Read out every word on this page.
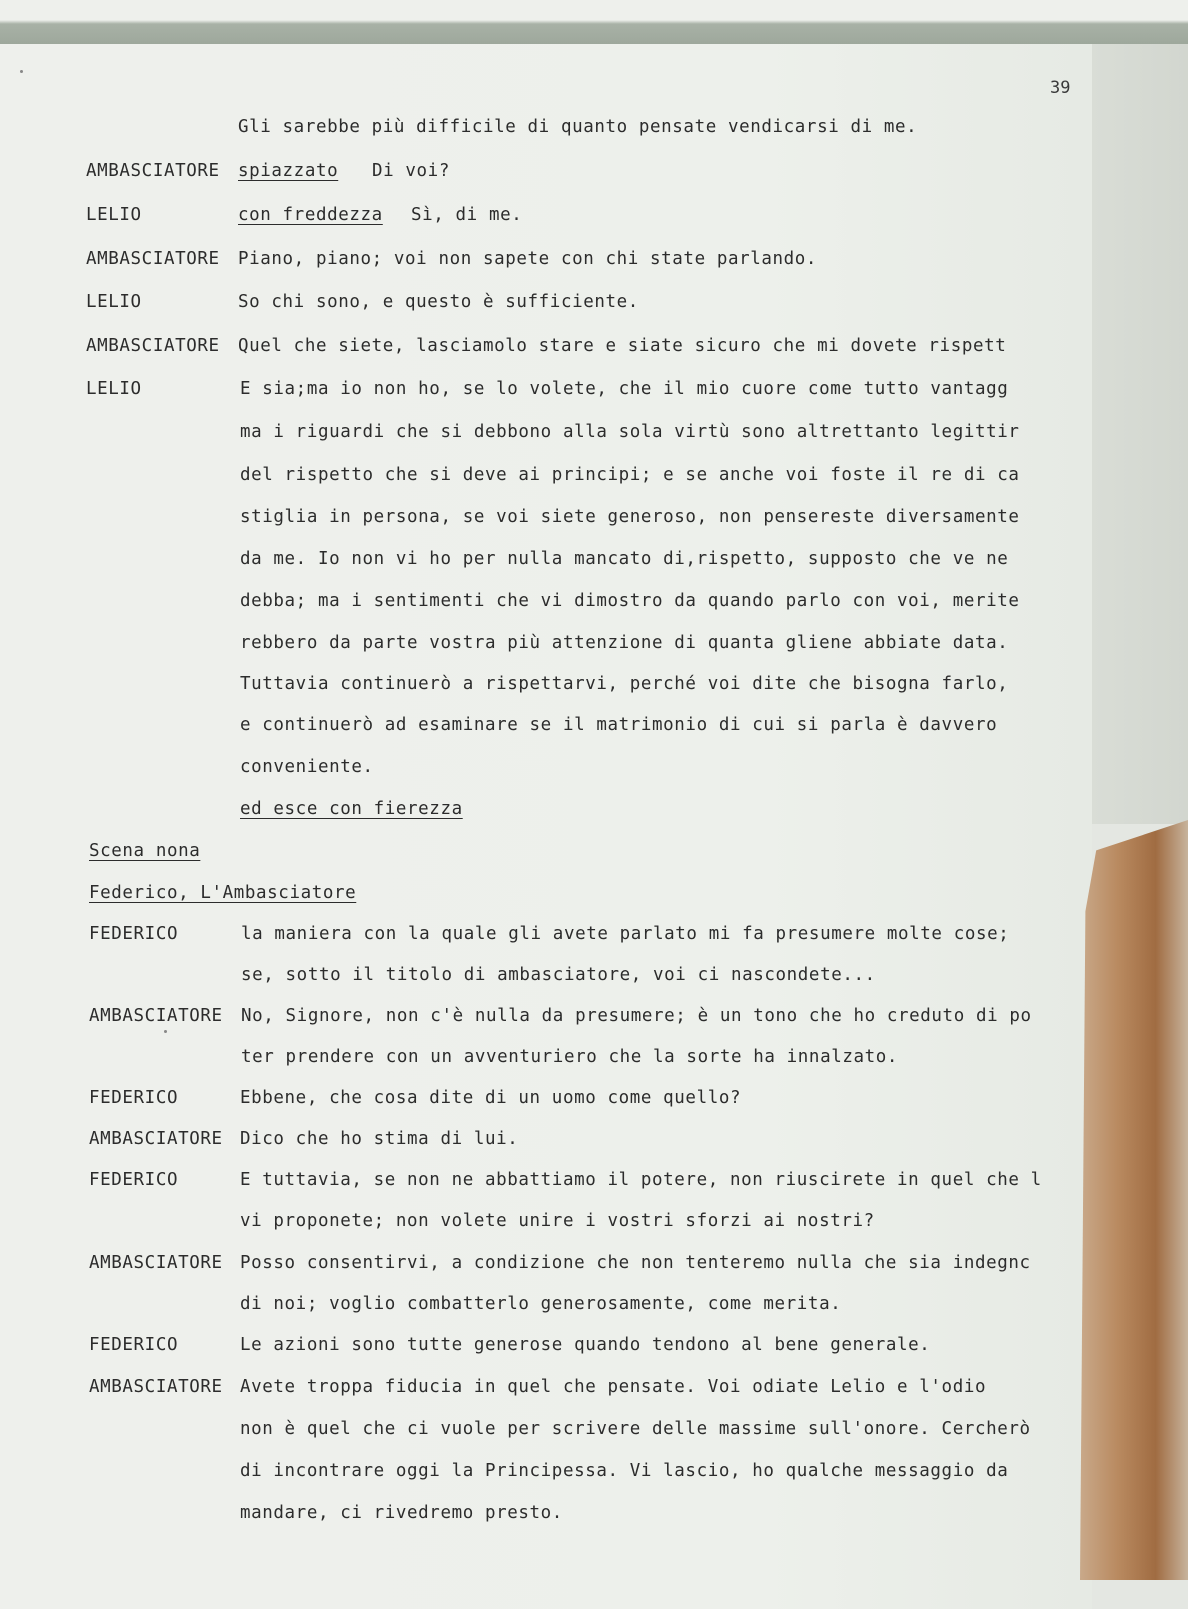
39
Gli sarebbe più difficile di quanto pensate vendicarsi di me.
AMBASCIATORE spiazzato Di voi?
LELIO	con freddezza Sì, di me.
AMBASCIATORE Piano, piano; voi non sapete con chi state parlando.
LELIO	So chi sono, e questo è sufficiente.
AMBASCIATORE Quel che siete, lasciamolo stare e siate sicuro che mi dovete rispett
LELIO	E sia;ma io non ho, se lo volete, che il mio cuore come tutto vantagg
ma i riguardi che si debbono alla sola virtù sono altrettanto legittir
del rispetto che si deve ai principi; e se anche voi foste il re di ca
stiglia in persona, se voi siete generoso, non pensereste diversamente
da me. Io non vi ho per nulla mancato di,rispetto, supposto che ve ne
debba; ma i sentimenti che vi dimostro da quando parlo con voi, merite
rebbero da parte vostra più attenzione di quanta gliene abbiate data.
Tuttavia continuerò a rispettarvi, perché voi dite che bisogna farlo,
e continuerò ad esaminare se il matrimonio di cui si parla è davvero
conveniente.
ed esce con fierezza
Scena nona
Federico, L'Ambasciatore
FEDERICO	la maniera con la quale gli avete parlato mi fa presumere molte cose;
se, sotto il titolo di ambasciatore, voi ci nascondete...
AMBASCIATORE No, Signore, non c'è nulla da presumere; è un tono che ho creduto di po
ter prendere con un avventuriero che la sorte ha innalzato.
FEDERICO	Ebbene, che cosa dite di un uomo come quello?
AMBASCIATORE Dico che ho stima di lui.
FEDERICO	E tuttavia, se non ne abbattiamo il potere, non riuscirete in quel che l
vi proponete; non volete unire i vostri sforzi ai nostri?
AMBASCIATORE Posso consentirvi, a condizione che non tenteremo nulla che sia indegnc
di noi; voglio combatterlo generosamente, come merita.
FEDERICO	Le azioni sono tutte generose quando tendono al bene generale.
AMBASCIATORE Avete troppa fiducia in quel che pensate. Voi odiate Lelio e l'odio
non è quel che ci vuole per scrivere delle massime sull'onore. Cercherò
di incontrare oggi la Principessa. Vi lascio, ho qualche messaggio da
mandare, ci rivedremo presto.
